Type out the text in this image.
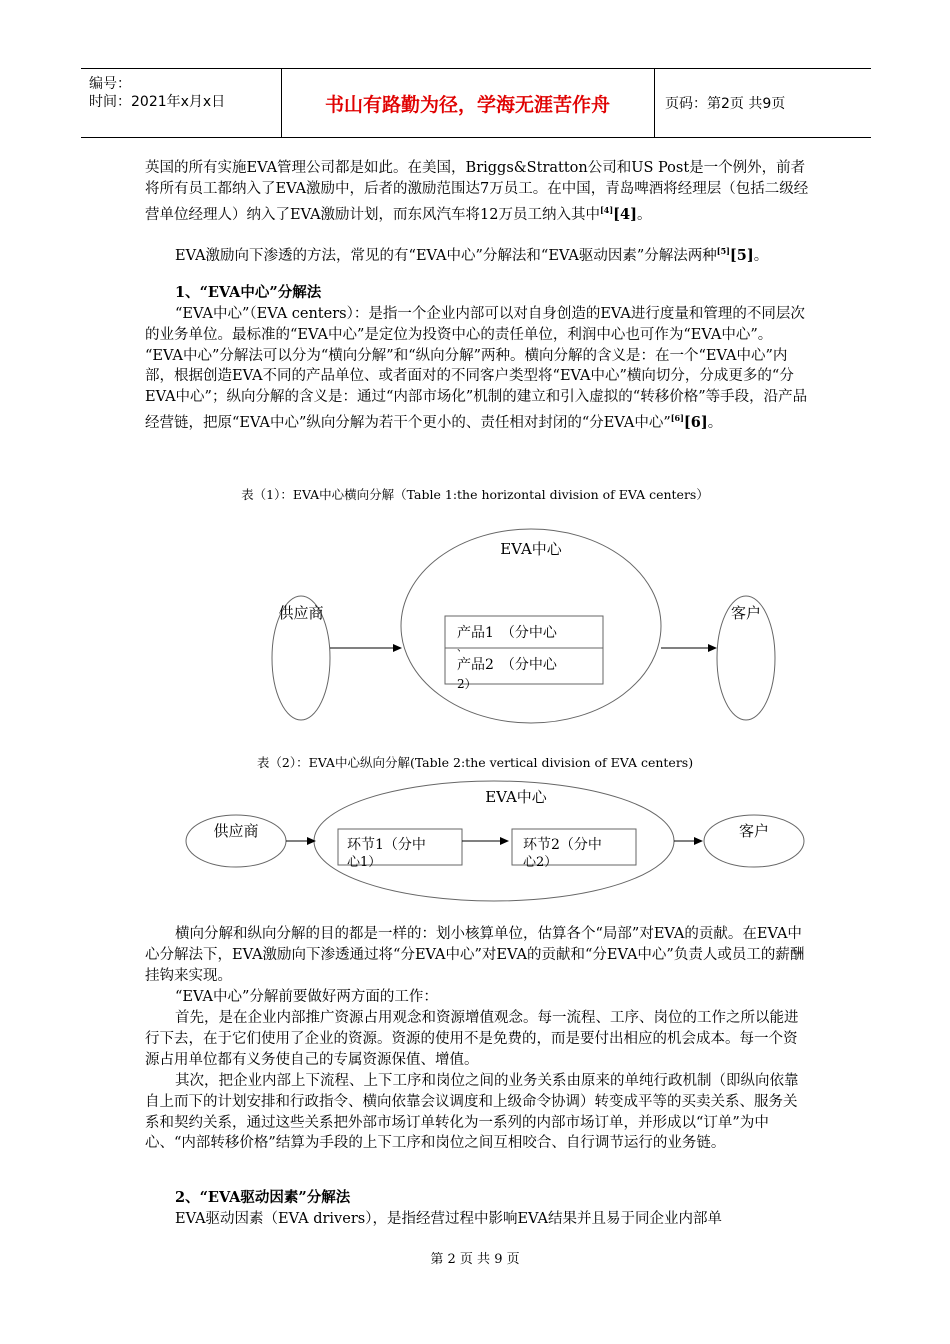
编号：
时间：2021年x月x日	书山有路勤为径，学海无涯苦作舟	页码：第2页 共9页

英国的所有实施EVA管理公司都是如此。在美国，Briggs&Stratton公司和US Post是一个例外，前者将所有员工都纳入了EVA激励中，后者的激励范围达7万员工。在中国，青岛啤酒将经理层（包括二级经营单位经理人）纳入了EVA激励计划，而东风汽车将12万员工纳入其中[4][4]。

EVA激励向下渗透的方法，常见的有“EVA中心”分解法和“EVA驱动因素”分解法两种[5][5]。

1、“EVA中心”分解法

“EVA中心”（EVA centers）：是指一个企业内部可以对自身创造的EVA进行度量和管理的不同层次的业务单位。最标准的“EVA中心”是定位为投资中心的责任单位，利润中心也可作为“EVA中心”。 “EVA中心”分解法可以分为“横向分解”和“纵向分解”两种。横向分解的含义是：在一个“EVA中心”内部，根据创造EVA不同的产品单位、或者面对的不同客户类型将“EVA中心”横向切分，分成更多的“分EVA中心”；纵向分解的含义是：通过“内部市场化”机制的建立和引入虚拟的“转移价格”等手段，沿产品经营链，把原“EVA中心”纵向分解为若干个更小的、责任相对封闭的“分EVA中心”[6][6]。

表（1）：EVA中心横向分解（Table 1:the horizontal division of EVA centers）
EVA中心
供应商	客户
产品1　（分中心
、
产品2　（分中心
2）
EVA中心
供应商	客户
环节1（分中
心1）
环节2（分中
心2）
表（2）：EVA中心纵向分解(Table 2:the vertical division of EVA centers)

横向分解和纵向分解的目的都是一样的：划小核算单位，估算各个“局部”对EVA的贡献。在EVA中心分解法下，EVA激励向下渗透通过将“分EVA中心”对EVA的贡献和“分EVA中心”负责人或员工的薪酬挂钩来实现。

“EVA中心”分解前要做好两方面的工作：

首先，是在企业内部推广资源占用观念和资源增值观念。每一流程、工序、岗位的工作之所以能进行下去，在于它们使用了企业的资源。资源的使用不是免费的，而是要付出相应的机会成本。每一个资源占用单位都有义务使自己的专属资源保值、增值。

其次，把企业内部上下流程、上下工序和岗位之间的业务关系由原来的单纯行政机制（即纵向依靠自上而下的计划安排和行政指令、横向依靠会议调度和上级命令协调）转变成平等的买卖关系、服务关系和契约关系，通过这些关系把外部市场订单转化为一系列的内部市场订单，并形成以“订单”为中心、“内部转移价格”结算为手段的上下工序和岗位之间互相咬合、自行调节运行的业务链。

2、“EVA驱动因素”分解法

EVA驱动因素（EVA drivers），是指经营过程中影响EVA结果并且易于同企业内部单

第 2 页 共 9 页
